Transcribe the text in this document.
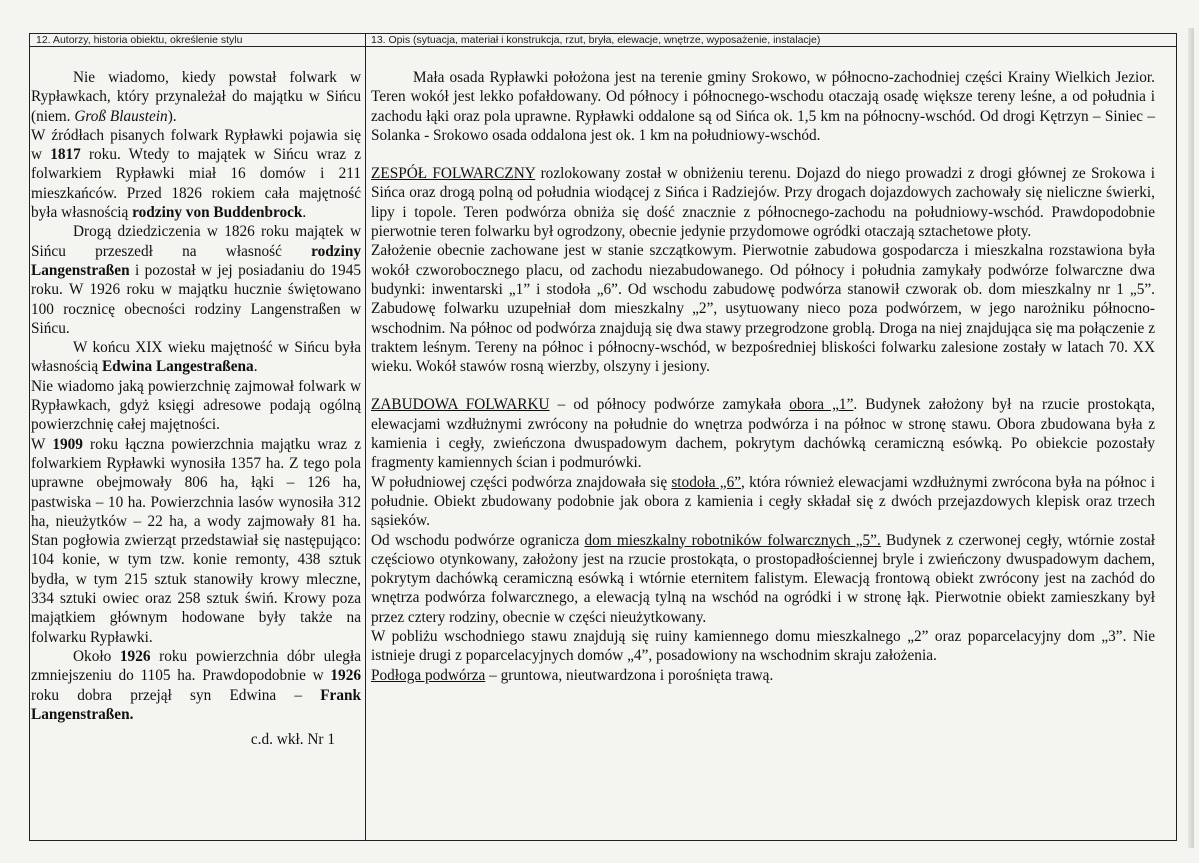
12. Autorzy, historia obiektu, określenie stylu	13. Opis (sytuacja, materiał i konstrukcja, rzut, bryła, elewacje, wnętrze, wyposażenie, instalacje)

Nie wiadomo, kiedy powstał folwark w Rypławkach, który przynależał do majątku w Sińcu (niem. Groß Blaustein).

W źródłach pisanych folwark Rypławki pojawia się w 1817 roku. Wtedy to majątek w Sińcu wraz z folwarkiem Rypławki miał 16 domów i 211 mieszkańców. Przed 1826 rokiem cała majętność była własnością rodziny von Buddenbrock.

Drogą dziedziczenia w 1826 roku majątek w Sińcu przeszedł na własność rodziny Langenstraßen i pozostał w jej posiadaniu do 1945 roku. W 1926 roku w majątku hucznie świętowano 100 rocznicę obecności rodziny Langenstraßen w Sińcu.

W końcu XIX wieku majętność w Sińcu była własnością Edwina Langestraßena.

Nie wiadomo jaką powierzchnię zajmował folwark w Rypławkach, gdyż księgi adresowe podają ogólną powierzchnię całej majętności.

W 1909 roku łączna powierzchnia majątku wraz z folwarkiem Rypławki wynosiła 1357 ha. Z tego pola uprawne obejmowały 806 ha, łąki – 126 ha, pastwiska – 10 ha. Powierzchnia lasów wynosiła 312 ha, nieużytków – 22 ha, a wody zajmowały 81 ha. Stan pogłowia zwierząt przedstawiał się następująco: 104 konie, w tym tzw. konie remonty, 438 sztuk bydła, w tym 215 sztuk stanowiły krowy mleczne, 334 sztuki owiec oraz 258 sztuk świń. Krowy poza majątkiem głównym hodowane były także na folwarku Rypławki.

Około 1926 roku powierzchnia dóbr uległa zmniejszeniu do 1105 ha. Prawdopodobnie w 1926 roku dobra przejął syn Edwina – Frank Langenstraßen.

c.d. wkł. Nr 1

Mała osada Rypławki położona jest na terenie gminy Srokowo, w północno-zachodniej części Krainy Wielkich Jezior. Teren wokół jest lekko pofałdowany. Od północy i północnego-wschodu otaczają osadę większe tereny leśne, a od południa i zachodu łąki oraz pola uprawne. Rypławki oddalone są od Sińca ok. 1,5 km na północny-wschód. Od drogi Kętrzyn – Siniec – Solanka - Srokowo osada oddalona jest ok. 1 km na południowy-wschód.

ZESPÓŁ FOLWARCZNY rozlokowany został w obniżeniu terenu. Dojazd do niego prowadzi z drogi głównej ze Srokowa i Sińca oraz drogą polną od południa wiodącej z Sińca i Radziejów. Przy drogach dojazdowych zachowały się nieliczne świerki, lipy i topole. Teren podwórza obniża się dość znacznie z północnego-zachodu na południowy-wschód. Prawdopodobnie pierwotnie teren folwarku był ogrodzony, obecnie jedynie przydomowe ogródki otaczają sztachetowe płoty.

Założenie obecnie zachowane jest w stanie szczątkowym. Pierwotnie zabudowa gospodarcza i mieszkalna rozstawiona była wokół czworobocznego placu, od zachodu niezabudowanego. Od północy i południa zamykały podwórze folwarczne dwa budynki: inwentarski „1” i stodoła „6”. Od wschodu zabudowę podwórza stanowił czworak ob. dom mieszkalny nr 1 „5”. Zabudowę folwarku uzupełniał dom mieszkalny „2”, usytuowany nieco poza podwórzem, w jego narożniku północno-wschodnim. Na północ od podwórza znajdują się dwa stawy przegrodzone groblą. Droga na niej znajdująca się ma połączenie z traktem leśnym. Tereny na północ i północny-wschód, w bezpośredniej bliskości folwarku zalesione zostały w latach 70. XX wieku. Wokół stawów rosną wierzby, olszyny i jesiony.

ZABUDOWA FOLWARKU – od północy podwórze zamykała obora „1”. Budynek założony był na rzucie prostokąta, elewacjami wzdłużnymi zwrócony na południe do wnętrza podwórza i na północ w stronę stawu. Obora zbudowana była z kamienia i cegły, zwieńczona dwuspadowym dachem, pokrytym dachówką ceramiczną esówką. Po obiekcie pozostały fragmenty kamiennych ścian i podmurówki.

W południowej części podwórza znajdowała się stodoła „6”, która również elewacjami wzdłużnymi zwrócona była na północ i południe. Obiekt zbudowany podobnie jak obora z kamienia i cegły składał się z dwóch przejazdowych klepisk oraz trzech sąsieków.

Od wschodu podwórze ogranicza dom mieszkalny robotników folwarcznych „5”. Budynek z czerwonej cegły, wtórnie został częściowo otynkowany, założony jest na rzucie prostokąta, o prostopadłościennej bryle i zwieńczony dwuspadowym dachem, pokrytym dachówką ceramiczną esówką i wtórnie eternitem falistym. Elewacją frontową obiekt zwrócony jest na zachód do wnętrza podwórza folwarcznego, a elewacją tylną na wschód na ogródki i w stronę łąk. Pierwotnie obiekt zamieszkany był przez cztery rodziny, obecnie w części nieużytkowany.

W pobliżu wschodniego stawu znajdują się ruiny kamiennego domu mieszkalnego „2” oraz poparcelacyjny dom „3”. Nie istnieje drugi z poparcelacyjnych domów „4”, posadowiony na wschodnim skraju założenia.

Podłoga podwórza – gruntowa, nieutwardzona i porośnięta trawą.
